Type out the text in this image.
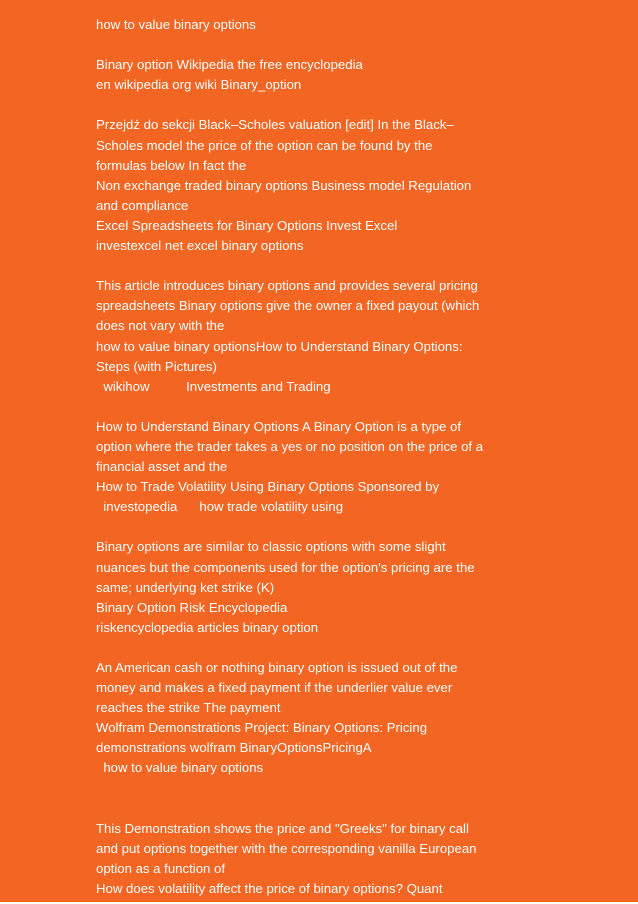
how to value binary options
Binary option Wikipedia the free encyclopedia
en wikipedia org wiki Binary_option
Przejdź do sekcji Black–Scholes valuation [edit] In the Black–
Scholes model the price of the option can be found by the
formulas below In fact the
Non exchange traded binary options Business model Regulation
and compliance
Excel Spreadsheets for Binary Options Invest Excel
investexcel net excel binary options
This article introduces binary options and provides several pricing
spreadsheets Binary options give the owner a fixed payout (which
does not vary with the
how to value binary optionsHow to Understand Binary Options:
Steps (with Pictures)
wikihow          Investments and Trading
How to Understand Binary Options A Binary Option is a type of
option where the trader takes a yes or no position on the price of a
financial asset and the
How to Trade Volatility Using Binary Options Sponsored by
investopedia      how trade volatility using
Binary options are similar to classic options with some slight
nuances but the components used for the option's pricing are the
same; underlying ket strike (K)
Binary Option Risk Encyclopedia
riskencyclopedia articles binary option
An American cash or nothing binary option is issued out of the
money and makes a fixed payment if the underlier value ever
reaches the strike The payment
Wolfram Demonstrations Project: Binary Options: Pricing
demonstrations wolfram BinaryOptionsPricingA
how to value binary options
This Demonstration shows the price and "Greeks" for binary call
and put options together with the corresponding vanilla European
option as a function of
How does volatility affect the price of binary options? Quant
